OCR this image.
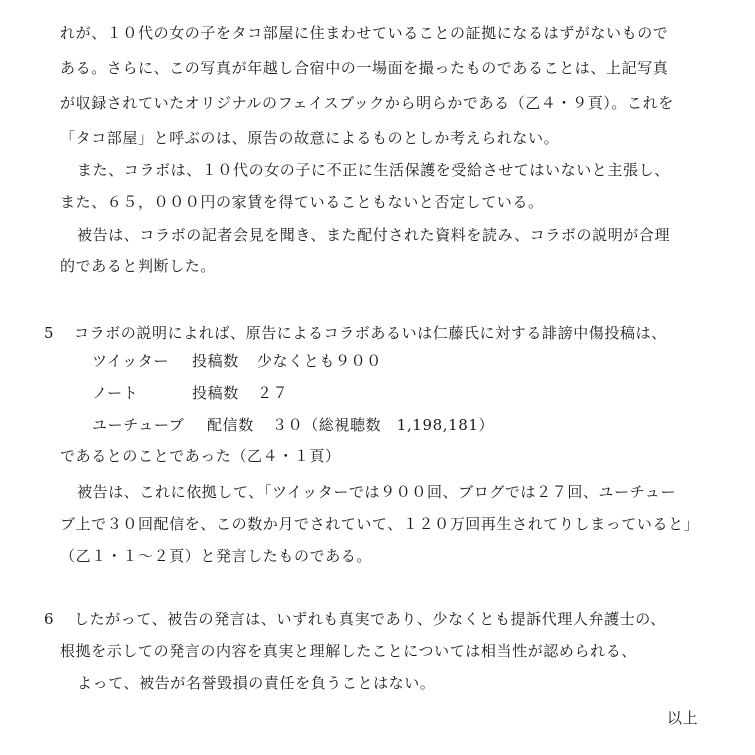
れが、１０代の女の子をタコ部屋に住まわせていることの証拠になるはずがないもので
ある。さらに、この写真が年越し合宿中の一場面を撮ったものであることは、上記写真
が収録されていたオリジナルのフェイスブックから明らかである（乙４・９頁）。これを
「タコ部屋」と呼ぶのは、原告の故意によるものとしか考えられない。
また、コラボは、１０代の女の子に不正に生活保護を受給させてはいないと主張し、
また、６５，０００円の家賃を得ていることもないと否定している。
被告は、コラボの記者会見を聞き、また配付された資料を読み、コラボの説明が合理
的であると判断した。
5 コラボの説明によれば、原告によるコラボあるいは仁藤氏に対する誹謗中傷投稿は、
ツイッター 投稿数 少なくとも９００
ノート	投稿数 ２７
ユーチューブ 配信数 ３０（総視聴数　1,198,181）
であるとのことであった（乙４・１頁）
被告は、これに依拠して、「ツイッターでは９００回、ブログでは２７回、ユーチュー
ブ上で３０回配信を、この数か月でされていて、１２０万回再生されてりしまっていると」
（乙１・１～２頁）と発言したものである。
6 したがって、被告の発言は、いずれも真実であり、少なくとも提訴代理人弁護士の、
根拠を示しての発言の内容を真実と理解したことについては相当性が認められる、
よって、被告が名誉毀損の責任を負うことはない。
以上
